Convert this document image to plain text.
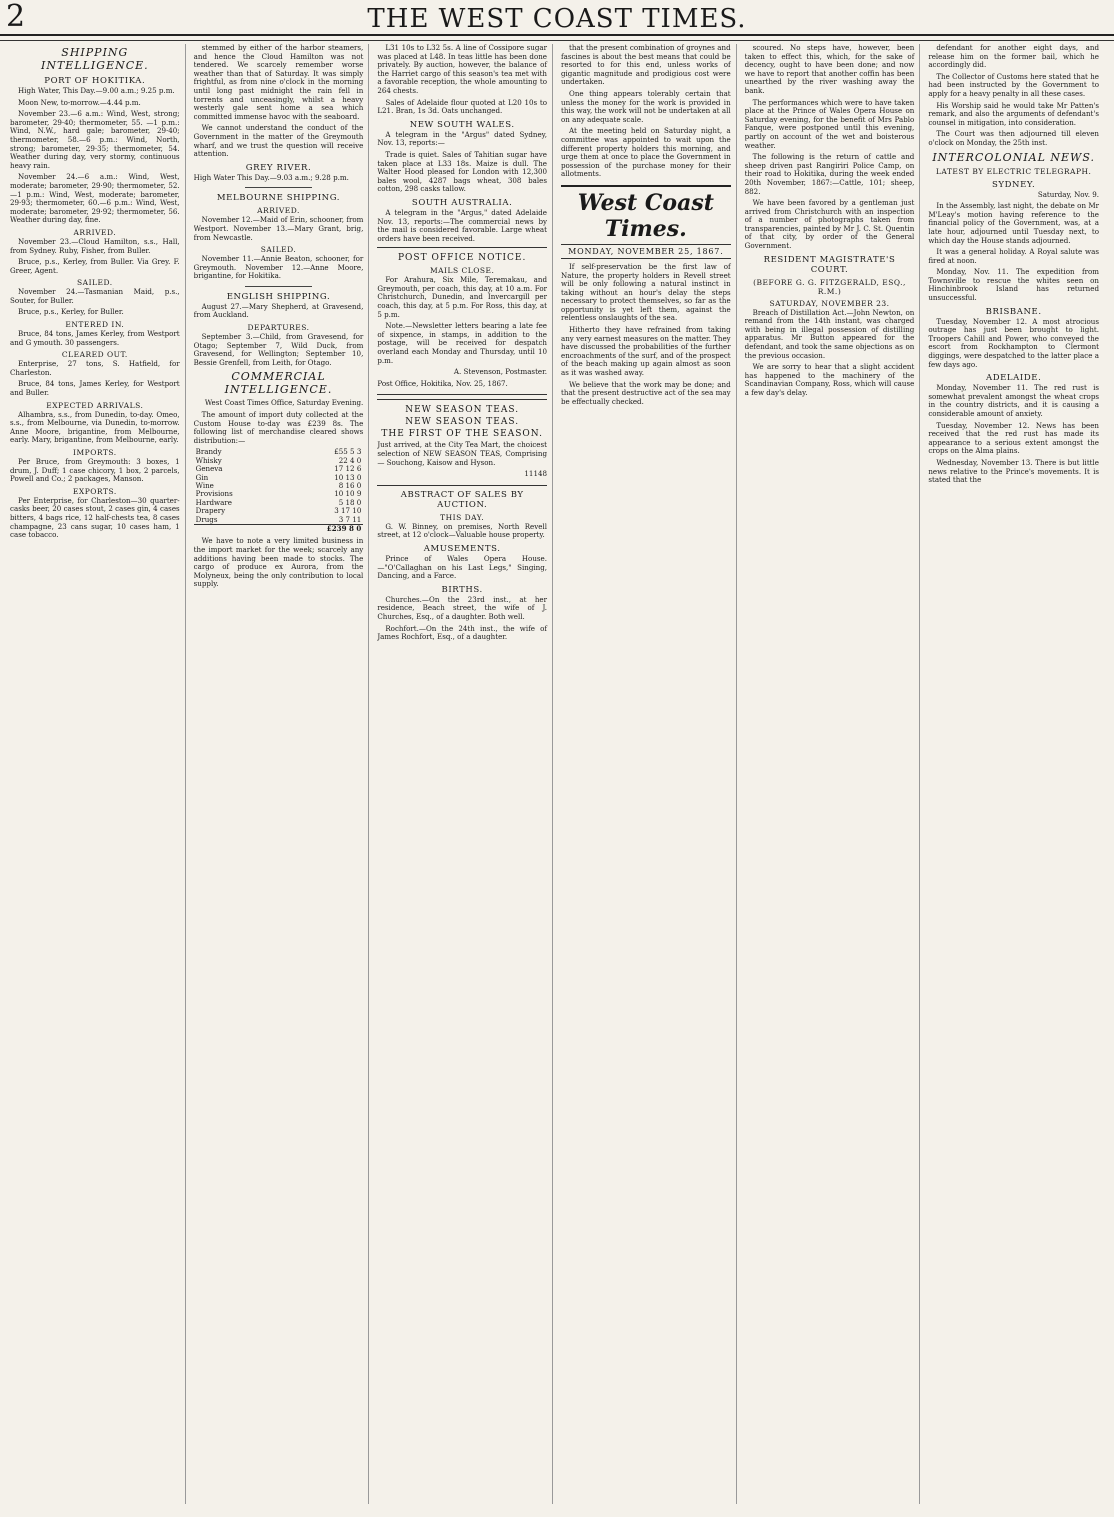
2	THE WEST COAST TIMES.
SHIPPING INTELLIGENCE.
PORT OF HOKITIKA.

High Water, This Day.—9.00 a.m.; 9.25 p.m.

Moon New, to-morrow.—4.44 p.m.

November 23.—6 a.m.: Wind, West, strong; barometer, 29·40; thermometer, 55. —1 p.m.: Wind, N.W., hard gale; barometer, 29·40; thermometer, 58.—6 p.m.: Wind, North, strong; barometer, 29·35; thermometer, 54. Weather during day, very stormy, continuous heavy rain.

November 24.—6 a.m.: Wind, West, moderate; barometer, 29·90; thermometer, 52.—1 p.m.: Wind, West, moderate; barometer, 29·93; thermometer, 60.—6 p.m.: Wind, West, moderate; barometer, 29·92; thermometer, 56. Weather during day, fine.

ARRIVED.

November 23.—Cloud Hamilton, s.s., Hall, from Sydney. Ruby, Fisher, from Buller.

Bruce, p.s., Kerley, from Buller. Via Grey. F. Greer, Agent.

SAILED.

November 24.—Tasmanian Maid, p.s., Souter, for Buller.

Bruce, p.s., Kerley, for Buller.

ENTERED IN.

Bruce, 84 tons, James Kerley, from Westport and G ymouth. 30 passengers.

CLEARED OUT.

Enterprise, 27 tons, S. Hatfield, for Charleston.

Bruce, 84 tons, James Kerley, for Westport and Buller.

EXPECTED ARRIVALS.

Alhambra, s.s., from Dunedin, to-day. Omeo, s.s., from Melbourne, via Dunedin, to-morrow. Anne Moore, brigantine, from Melbourne, early. Mary, brigantine, from Melbourne, early.

IMPORTS.

Per Bruce, from Greymouth: 3 boxes, 1 drum, J. Duff; 1 case chicory, 1 box, 2 parcels, Powell and Co.; 2 packages, Manson.

EXPORTS.

Per Enterprise, for Charleston—30 quarter-casks beer, 20 cases stout, 2 cases gin, 4 cases bitters, 4 bags rice, 12 half-chests tea, 8 cases champagne, 23 cans sugar, 10 cases ham, 1 case tobacco.

stemmed by either of the harbor steamers, and hence the Cloud Hamilton was not tendered. We scarcely remember worse weather than that of Saturday. It was simply frightful, as from nine o'clock in the morning until long past midnight the rain fell in torrents and unceasingly, whilst a heavy westerly gale sent home a sea which committed immense havoc with the seaboard.

We cannot understand the conduct of the Government in the matter of the Greymouth wharf, and we trust the question will receive attention.

GREY RIVER.

High Water This Day.—9.03 a.m.; 9.28 p.m.

MELBOURNE SHIPPING.
ARRIVED.

November 12.—Maid of Erin, schooner, from Westport. November 13.—Mary Grant, brig, from Newcastle.

SAILED.

November 11.—Annie Beaton, schooner, for Greymouth. November 12.—Anne Moore, brigantine, for Hokitika.

ENGLISH SHIPPING.

August 27.—Mary Shepherd, at Gravesend, from Auckland.

DEPARTURES.

September 3.—Child, from Gravesend, for Otago; September 7, Wild Duck, from Gravesend, for Wellington; September 10, Bessie Grenfell, from Leith, for Otago.

COMMERCIAL INTELLIGENCE.

West Coast Times Office, Saturday Evening.

The amount of import duty collected at the Custom House to-day was £239 8s. The following list of merchandise cleared shows distribution:—

Brandy	£55 5 3
Whisky	22 4 0
Geneva	17 12 6
Gin	10 13 0
Wine	8 16 0
Provisions	10 10 9
Hardware	5 18 0
Drapery	3 17 10
Drugs	3 7 11
	£239 8 0

We have to note a very limited business in the import market for the week; scarcely any additions having been made to stocks. The cargo of produce ex Aurora, from the Molyneux, being the only contribution to local supply.

L31 10s to L32 5s. A line of Cossipore sugar was placed at L48. In teas little has been done privately. By auction, however, the balance of the Harriet cargo of this season's tea met with a favorable reception, the whole amounting to 264 chests.

Sales of Adelaide flour quoted at L20 10s to L21. Bran, 1s 3d. Oats unchanged.

NEW SOUTH WALES.

A telegram in the "Argus" dated Sydney, Nov. 13, reports:—

Trade is quiet. Sales of Tahitian sugar have taken place at L33 18s. Maize is dull. The Walter Hood pleased for London with 12,300 bales wool, 4287 bags wheat, 308 bales cotton, 298 casks tallow.

SOUTH AUSTRALIA.

A telegram in the "Argus," dated Adelaide Nov. 13, reports:—The commercial news by the mail is considered favorable. Large wheat orders have been received.

POST OFFICE NOTICE.
MAILS CLOSE.

For Arahura, Six Mile, Teremakau, and Greymouth, per coach, this day, at 10 a.m. For Christchurch, Dunedin, and Invercargill per coach, this day, at 5 p.m. For Ross, this day, at 5 p.m.

Note.—Newsletter letters bearing a late fee of sixpence, in stamps, in addition to the postage, will be received for despatch overland each Monday and Thursday, until 10 p.m.

A. Stevenson, Postmaster.

Post Office, Hokitika, Nov. 25, 1867.

NEW SEASON TEAS.
NEW SEASON TEAS.
THE FIRST OF THE SEASON.

Just arrived, at the City Tea Mart, the choicest selection of NEW SEASON TEAS, Comprising — Souchong, Kaisow and Hyson.

11148

ABSTRACT OF SALES BY AUCTION.
THIS DAY.

G. W. Binney, on premises, North Revell street, at 12 o'clock—Valuable house property.

AMUSEMENTS.

Prince of Wales Opera House.—"O'Callaghan on his Last Legs," Singing, Dancing, and a Farce.

BIRTHS.

Churches.—On the 23rd inst., at her residence, Beach street, the wife of J. Churches, Esq., of a daughter. Both well.

Rochfort.—On the 24th inst., the wife of James Rochfort, Esq., of a daughter.

that the present combination of groynes and fascines is about the best means that could be resorted to for this end, unless works of gigantic magnitude and prodigious cost were undertaken.

One thing appears tolerably certain that unless the money for the work is provided in this way, the work will not be undertaken at all on any adequate scale.

At the meeting held on Saturday night, a committee was appointed to wait upon the different property holders this morning, and urge them at once to place the Government in possession of the purchase money for their allotments.

West Coast Times.
MONDAY, NOVEMBER 25, 1867.

If self-preservation be the first law of Nature, the property holders in Revell street will be only following a natural instinct in taking without an hour's delay the steps necessary to protect themselves, so far as the opportunity is yet left them, against the relentless onslaughts of the sea.

Hitherto they have refrained from taking any very earnest measures on the matter. They have discussed the probabilities of the further encroachments of the surf, and of the prospect of the beach making up again almost as soon as it was washed away.

We believe that the work may be done; and that the present destructive act of the sea may be effectually checked.

scoured. No steps have, however, been taken to effect this, which, for the sake of decency, ought to have been done; and now we have to report that another coffin has been unearthed by the river washing away the bank.

The performances which were to have taken place at the Prince of Wales Opera House on Saturday evening, for the benefit of Mrs Pablo Fanque, were postponed until this evening, partly on account of the wet and boisterous weather.

The following is the return of cattle and sheep driven past Rangiriri Police Camp, on their road to Hokitika, during the week ended 20th November, 1867:—Cattle, 101; sheep, 882.

We have been favored by a gentleman just arrived from Christchurch with an inspection of a number of photographs taken from transparencies, painted by Mr J. C. St. Quentin of that city, by order of the General Government.

RESIDENT MAGISTRATE'S COURT.
(BEFORE G. G. FITZGERALD, ESQ., R.M.)
SATURDAY, NOVEMBER 23.

Breach of Distillation Act.—John Newton, on remand from the 14th instant, was charged with being in illegal possession of distilling apparatus. Mr Button appeared for the defendant, and took the same objections as on the previous occasion.

We are sorry to hear that a slight accident has happened to the machinery of the Scandinavian Company, Ross, which will cause a few day's delay.

defendant for another eight days, and release him on the former bail, which he accordingly did.

The Collector of Customs here stated that he had been instructed by the Government to apply for a heavy penalty in all these cases.

His Worship said he would take Mr Patten's remark, and also the arguments of defendant's counsel in mitigation, into consideration.

The Court was then adjourned till eleven o'clock on Monday, the 25th inst.

INTERCOLONIAL NEWS.
LATEST BY ELECTRIC TELEGRAPH.
SYDNEY.

Saturday, Nov. 9.

In the Assembly, last night, the debate on Mr M'Leay's motion having reference to the financial policy of the Government, was, at a late hour, adjourned until Tuesday next, to which day the House stands adjourned.

It was a general holiday. A Royal salute was fired at noon.

Monday, Nov. 11. The expedition from Townsville to rescue the whites seen on Hinchinbrook Island has returned unsuccessful.

BRISBANE.

Tuesday, November 12. A most atrocious outrage has just been brought to light. Troopers Cahill and Power, who conveyed the escort from Rockhampton to Clermont diggings, were despatched to the latter place a few days ago.

ADELAIDE.

Monday, November 11. The red rust is somewhat prevalent amongst the wheat crops in the country districts, and it is causing a considerable amount of anxiety.

Tuesday, November 12. News has been received that the red rust has made its appearance to a serious extent amongst the crops on the Alma plains.

Wednesday, November 13. There is but little news relative to the Prince's movements. It is stated that the
